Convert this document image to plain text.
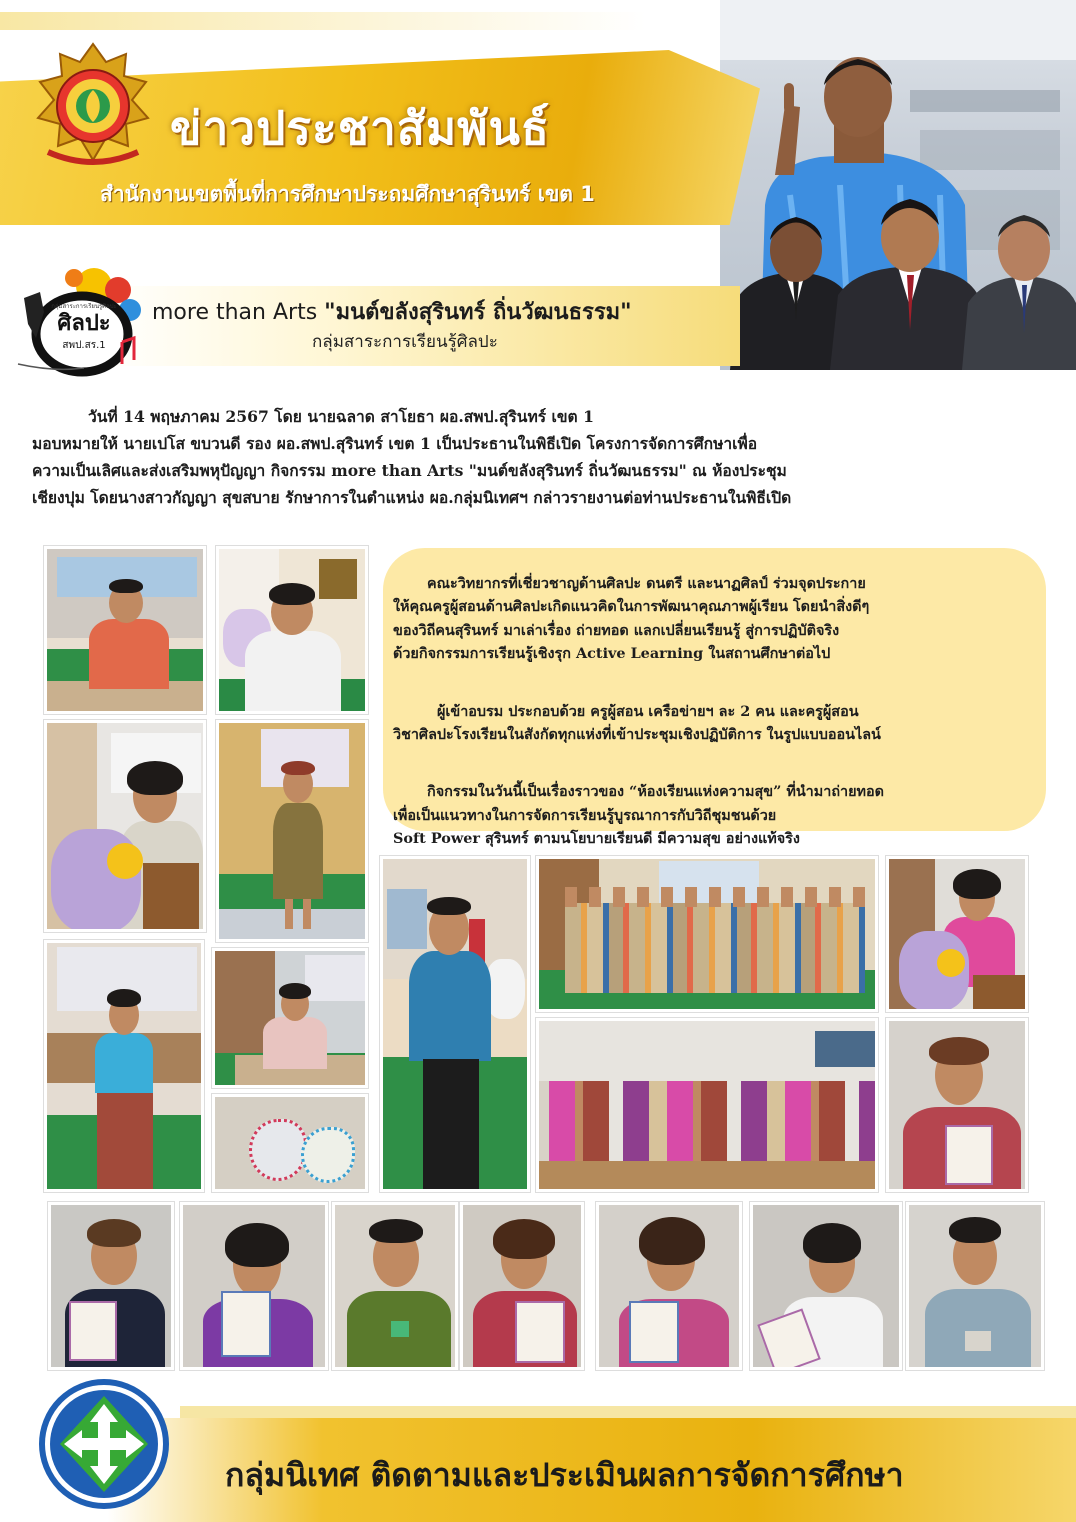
ข่าวประชาสัมพันธ์
สำนักงานเขตพื้นที่การศึกษาประถมศึกษาสุรินทร์ เขต 1
ศิลปะ
สพป.สร.1
กลุ่มสาระการเรียนรู้ศิลปะ more than Arts "มนต์ขลังสุรินทร์ ถิ่นวัฒนธรรม"
กลุ่มสาระการเรียนรู้ศิลปะ
วันที่ 14 พฤษภาคม 2567 โดย นายฉลาด สาโยธา ผอ.สพป.สุรินทร์ เขต 1
มอบหมายให้ นายเปโส ขบวนดี รอง ผอ.สพป.สุรินทร์ เขต 1 เป็นประธานในพิธีเปิด โครงการจัดการศึกษาเพื่อ
ความเป็นเลิศและส่งเสริมพหุปัญญา กิจกรรม more than Arts "มนต์ขลังสุรินทร์ ถิ่นวัฒนธรรม" ณ ห้องประชุม
เชียงปุม โดยนางสาวกัญญา สุขสบาย รักษาการในตำแหน่ง ผอ.กลุ่มนิเทศฯ กล่าวรายงานต่อท่านประธานในพิธีเปิด

คณะวิทยากรที่เชี่ยวชาญด้านศิลปะ ดนตรี และนาฏศิลป์ ร่วมจุดประกาย
ให้คุณครูผู้สอนด้านศิลปะเกิดแนวคิดในการพัฒนาคุณภาพผู้เรียน โดยนำสิ่งดีๆ
ของวิถีคนสุรินทร์ มาเล่าเรื่อง ถ่ายทอด แลกเปลี่ยนเรียนรู้ สู่การปฏิบัติจริง
ด้วยกิจกรรมการเรียนรู้เชิงรุก Active Learning ในสถานศึกษาต่อไป

ผู้เข้าอบรม ประกอบด้วย ครูผู้สอน เครือข่ายฯ ละ 2 คน และครูผู้สอน
วิชาศิลปะโรงเรียนในสังกัดทุกแห่งที่เข้าประชุมเชิงปฏิบัติการ ในรูปแบบออนไลน์

กิจกรรมในวันนี้เป็นเรื่องราวของ “ห้องเรียนแห่งความสุข” ที่นำมาถ่ายทอด
เพื่อเป็นแนวทางในการจัดการเรียนรู้บูรณาการกับวิถีชุมชนด้วย
Soft Power สุรินทร์ ตามนโยบายเรียนดี มีความสุข อย่างแท้จริง

กลุ่มนิเทศ ติดตามและประเมินผลการจัดการศึกษา
